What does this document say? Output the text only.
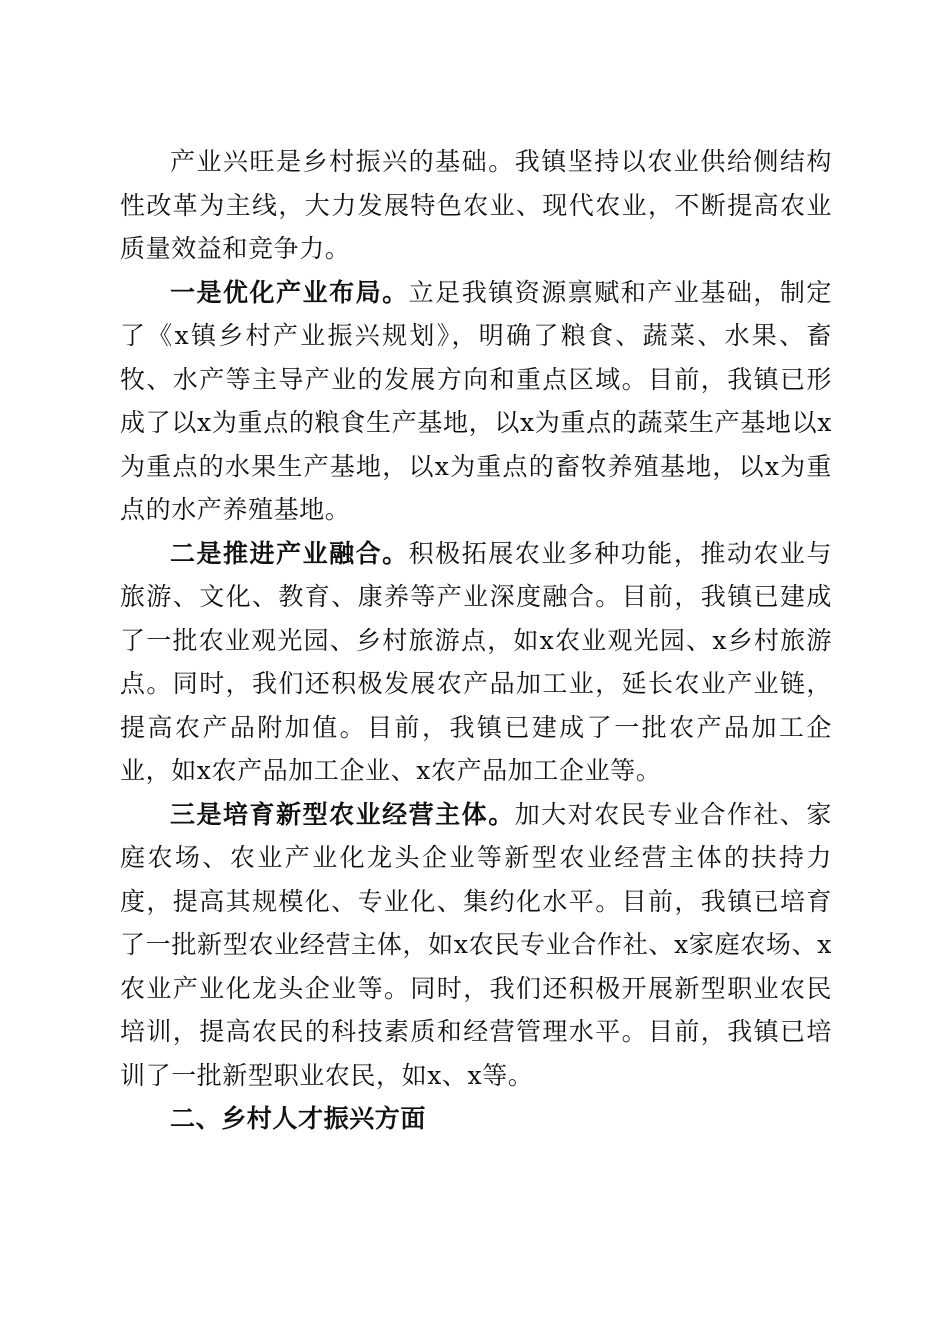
产业兴旺是乡村振兴的基础。我镇坚持以农业供给侧结构性改革为主线，大力发展特色农业、现代农业，不断提高农业质量效益和竞争力。

一是优化产业布局。立足我镇资源禀赋和产业基础，制定了《x镇乡村产业振兴规划》，明确了粮食、蔬菜、水果、畜牧、水产等主导产业的发展方向和重点区域。目前，我镇已形成了以x为重点的粮食生产基地，以x为重点的蔬菜生产基地以x为重点的水果生产基地，以x为重点的畜牧养殖基地，以x为重点的水产养殖基地。

二是推进产业融合。积极拓展农业多种功能，推动农业与旅游、文化、教育、康养等产业深度融合。目前，我镇已建成了一批农业观光园、乡村旅游点，如x农业观光园、x乡村旅游点。同时，我们还积极发展农产品加工业，延长农业产业链，提高农产品附加值。目前，我镇已建成了一批农产品加工企业，如x农产品加工企业、x农产品加工企业等。

三是培育新型农业经营主体。加大对农民专业合作社、家庭农场、农业产业化龙头企业等新型农业经营主体的扶持力度，提高其规模化、专业化、集约化水平。目前，我镇已培育了一批新型农业经营主体，如x农民专业合作社、x家庭农场、x农业产业化龙头企业等。同时，我们还积极开展新型职业农民培训，提高农民的科技素质和经营管理水平。目前，我镇已培训了一批新型职业农民，如x、x等。

二、乡村人才振兴方面
